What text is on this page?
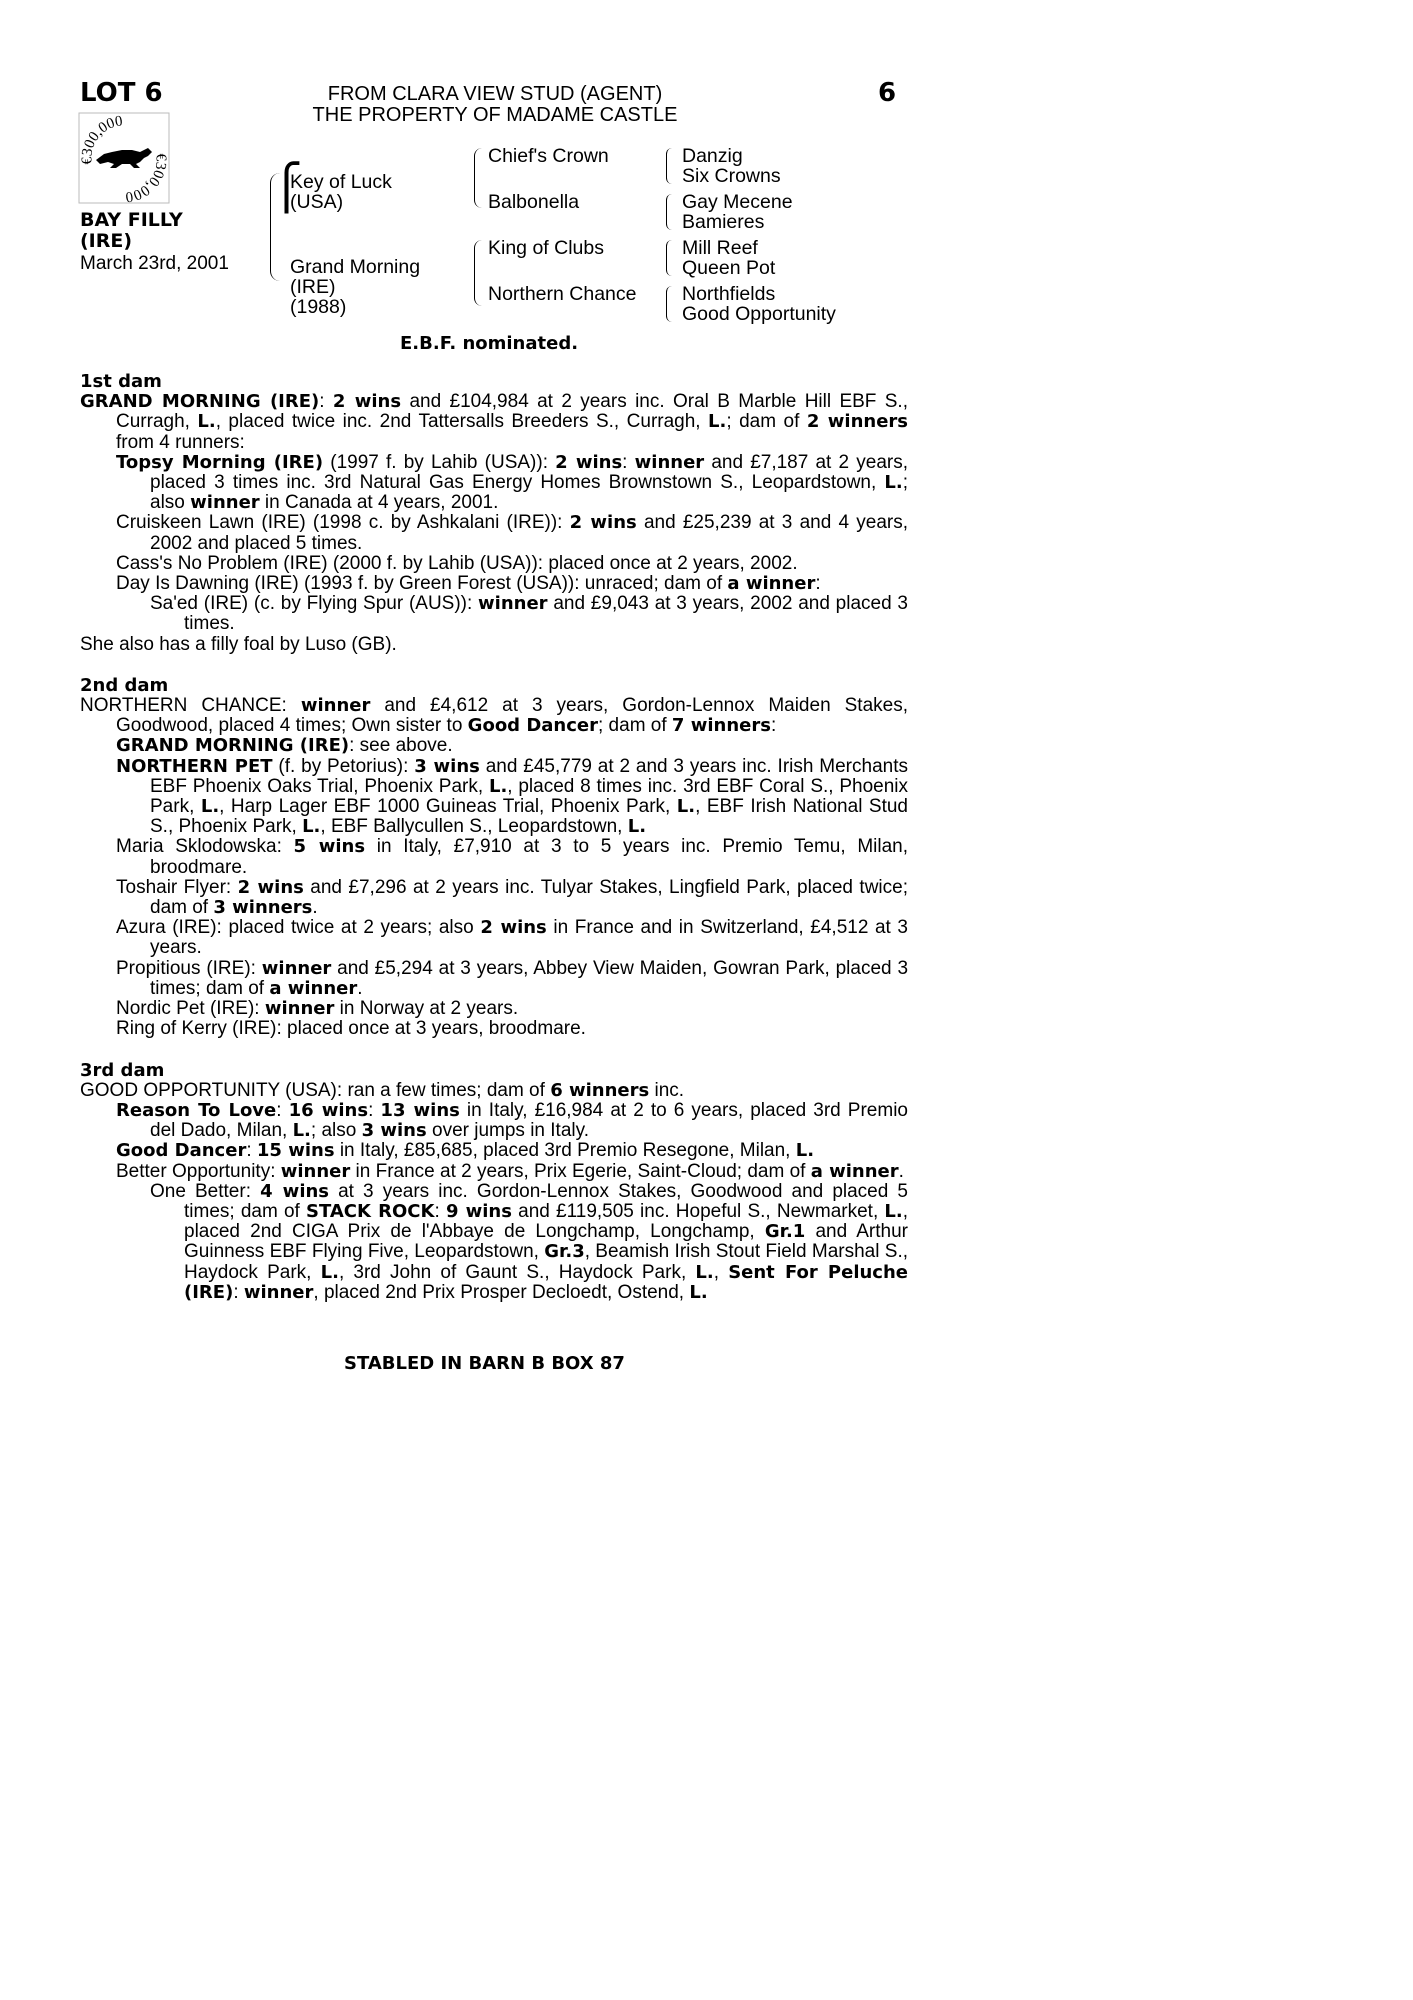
LOT 6	6
FROM CLARA VIEW STUD (AGENT)
THE PROPERTY OF MADAME CASTLE
€300,000
€300,000
BAY FILLY
(IRE)
March 23rd, 2001
⎧
Key of Luck
(USA)
Grand Morning
(IRE)
(1988)
Chief's Crown
Balbonella
King of Clubs
Northern Chance
Danzig
Six Crowns
Gay Mecene
Bamieres
Mill Reef
Queen Pot
Northfields
Good Opportunity
E.B.F. nominated.
1st dam

GRAND MORNING (IRE): 2 wins and £104,984 at 2 years inc. Oral B Marble Hill EBF S., Curragh, L., placed twice inc. 2nd Tattersalls Breeders S., Curragh, L.; dam of 2 winners from 4 runners:

Topsy Morning (IRE) (1997 f. by Lahib (USA)): 2 wins: winner and £7,187 at 2 years, placed 3 times inc. 3rd Natural Gas Energy Homes Brownstown S., Leopardstown, L.; also winner in Canada at 4 years, 2001.

Cruiskeen Lawn (IRE) (1998 c. by Ashkalani (IRE)): 2 wins and £25,239 at 3 and 4 years, 2002 and placed 5 times.

Cass's No Problem (IRE) (2000 f. by Lahib (USA)): placed once at 2 years, 2002.

Day Is Dawning (IRE) (1993 f. by Green Forest (USA)): unraced; dam of a winner:

Sa'ed (IRE) (c. by Flying Spur (AUS)): winner and £9,043 at 3 years, 2002 and placed 3 times.

She also has a filly foal by Luso (GB).

2nd dam

NORTHERN CHANCE: winner and £4,612 at 3 years, Gordon-Lennox Maiden Stakes, Goodwood, placed 4 times; Own sister to Good Dancer; dam of 7 winners:

GRAND MORNING (IRE): see above.

NORTHERN PET (f. by Petorius): 3 wins and £45,779 at 2 and 3 years inc. Irish Merchants EBF Phoenix Oaks Trial, Phoenix Park, L., placed 8 times inc. 3rd EBF Coral S., Phoenix Park, L., Harp Lager EBF 1000 Guineas Trial, Phoenix Park, L., EBF Irish National Stud S., Phoenix Park, L., EBF Ballycullen S., Leopardstown, L.

Maria Sklodowska: 5 wins in Italy, £7,910 at 3 to 5 years inc. Premio Temu, Milan, broodmare.

Toshair Flyer: 2 wins and £7,296 at 2 years inc. Tulyar Stakes, Lingfield Park, placed twice; dam of 3 winners.

Azura (IRE): placed twice at 2 years; also 2 wins in France and in Switzerland, £4,512 at 3 years.

Propitious (IRE): winner and £5,294 at 3 years, Abbey View Maiden, Gowran Park, placed 3 times; dam of a winner.

Nordic Pet (IRE): winner in Norway at 2 years.

Ring of Kerry (IRE): placed once at 3 years, broodmare.

3rd dam

GOOD OPPORTUNITY (USA): ran a few times; dam of 6 winners inc.

Reason To Love: 16 wins: 13 wins in Italy, £16,984 at 2 to 6 years, placed 3rd Premio del Dado, Milan, L.; also 3 wins over jumps in Italy.

Good Dancer: 15 wins in Italy, £85,685, placed 3rd Premio Resegone, Milan, L.

Better Opportunity: winner in France at 2 years, Prix Egerie, Saint-Cloud; dam of a winner.

One Better: 4 wins at 3 years inc. Gordon-Lennox Stakes, Goodwood and placed 5 times; dam of STACK ROCK: 9 wins and £119,505 inc. Hopeful S., Newmarket, L., placed 2nd CIGA Prix de l'Abbaye de Longchamp, Longchamp, Gr.1 and Arthur Guinness EBF Flying Five, Leopardstown, Gr.3, Beamish Irish Stout Field Marshal S., Haydock Park, L., 3rd John of Gaunt S., Haydock Park, L., Sent For Peluche (IRE): winner, placed 2nd Prix Prosper Decloedt, Ostend, L.

STABLED IN BARN B BOX 87
